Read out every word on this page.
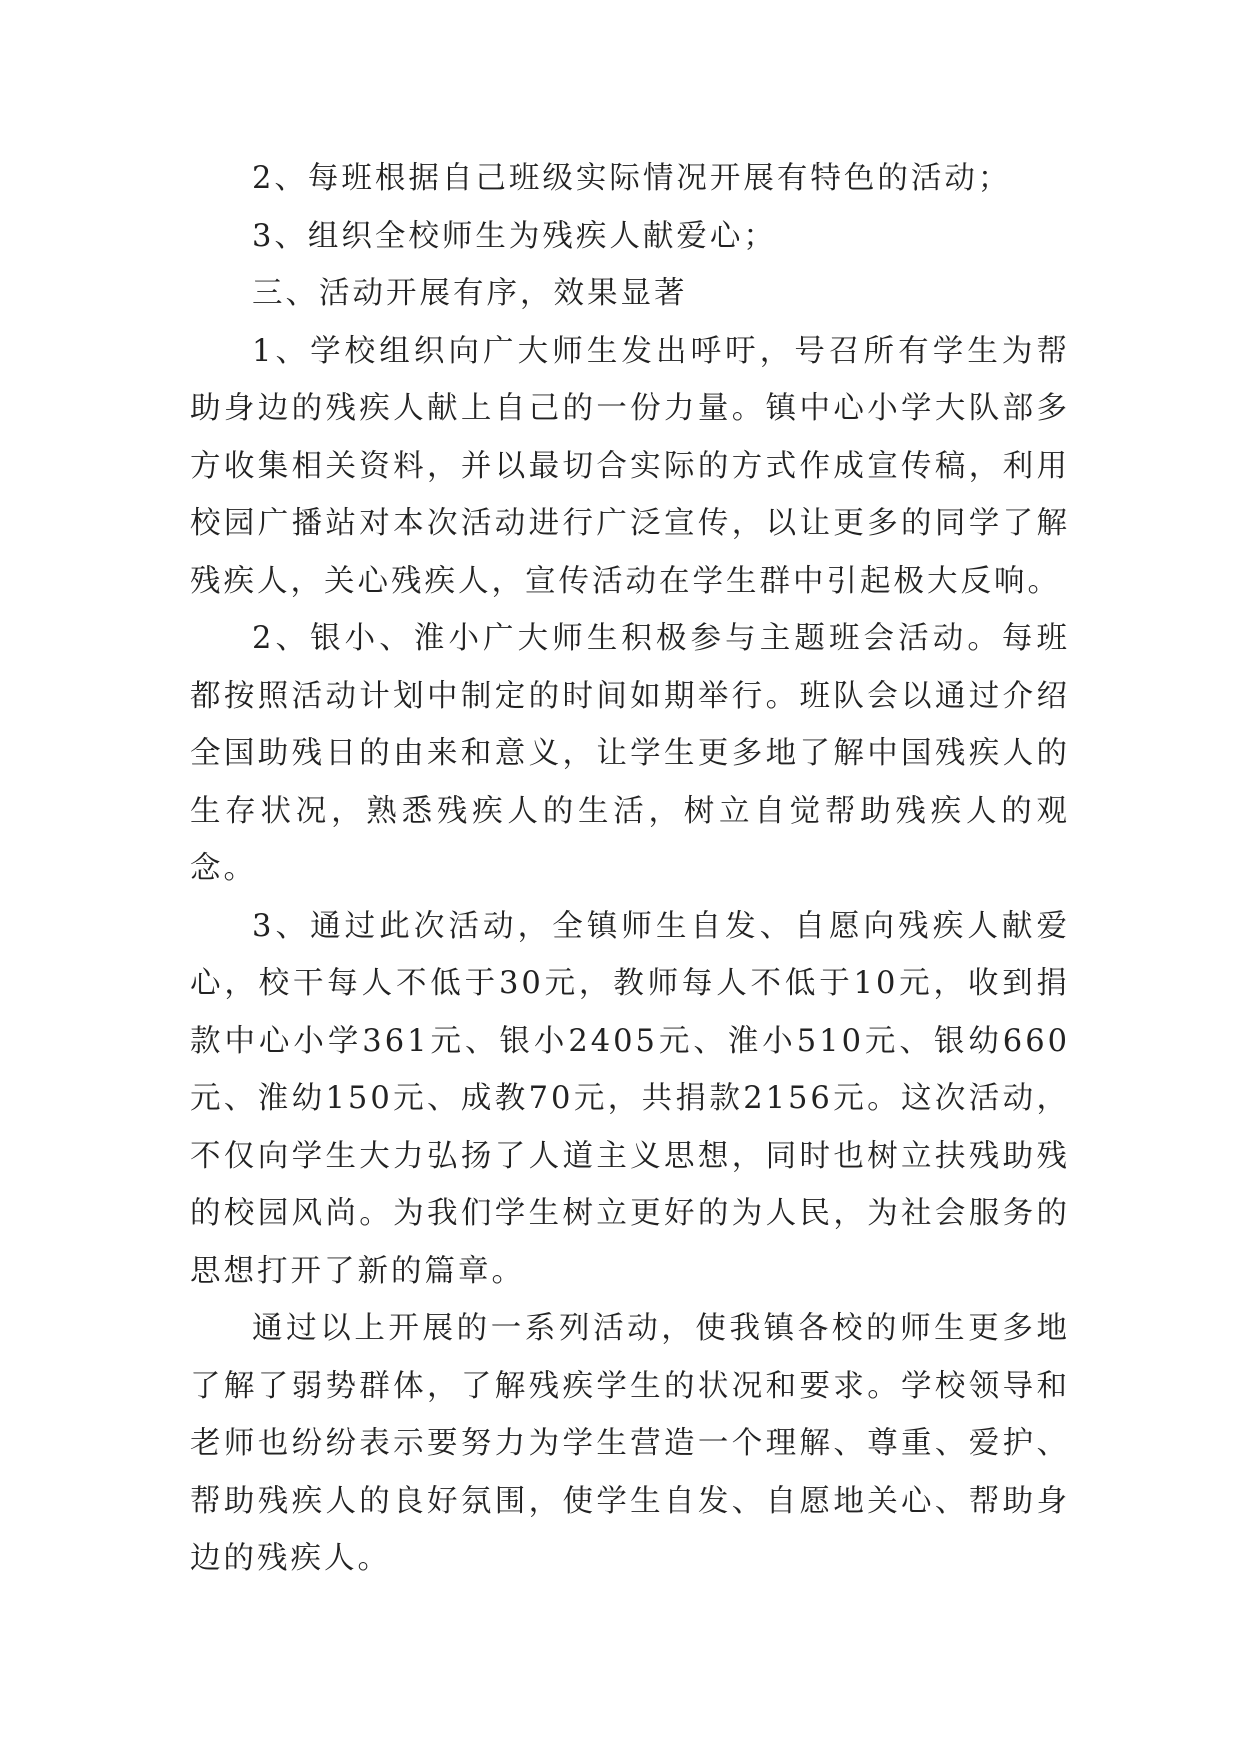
2、每班根据自己班级实际情况开展有特色的活动；

3、组织全校师生为残疾人献爱心；

三、活动开展有序，效果显著

1、学校组织向广大师生发出呼吁，号召所有学生为帮助身边的残疾人献上自己的一份力量。镇中心小学大队部多方收集相关资料，并以最切合实际的方式作成宣传稿，利用校园广播站对本次活动进行广泛宣传，以让更多的同学了解残疾人，关心残疾人，宣传活动在学生群中引起极大反响。

2、银小、淮小广大师生积极参与主题班会活动。每班都按照活动计划中制定的时间如期举行。班队会以通过介绍全国助残日的由来和意义，让学生更多地了解中国残疾人的生存状况，熟悉残疾人的生活，树立自觉帮助残疾人的观念。

3、通过此次活动，全镇师生自发、自愿向残疾人献爱心，校干每人不低于30元，教师每人不低于10元，收到捐款中心小学361元、银小2405元、淮小510元、银幼660元、淮幼150元、成教70元，共捐款2156元。这次活动，不仅向学生大力弘扬了人道主义思想，同时也树立扶残助残的校园风尚。为我们学生树立更好的为人民，为社会服务的思想打开了新的篇章。

通过以上开展的一系列活动，使我镇各校的师生更多地了解了弱势群体，了解残疾学生的状况和要求。学校领导和老师也纷纷表示要努力为学生营造一个理解、尊重、爱护、帮助残疾人的良好氛围，使学生自发、自愿地关心、帮助身边的残疾人。
